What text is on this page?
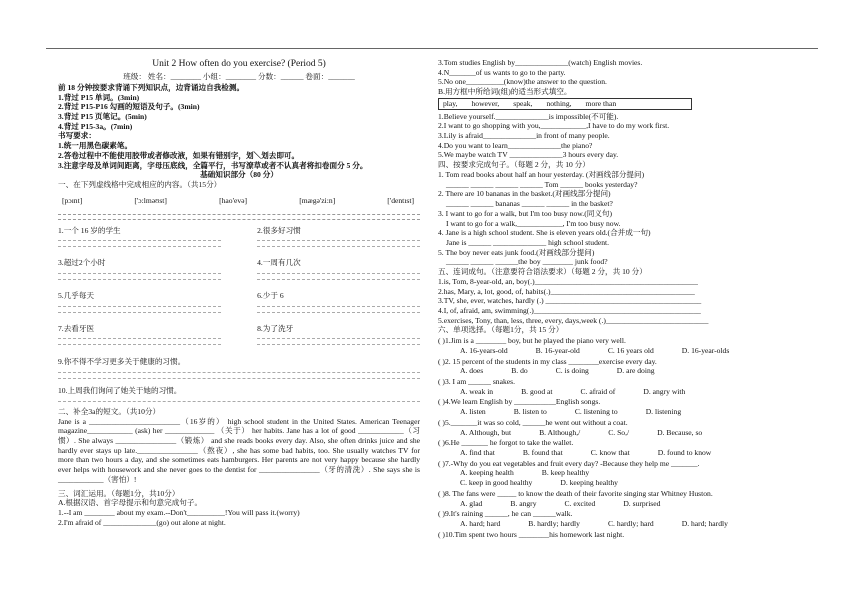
Unit 2 How often do you exercise? (Period 5)
班级： 姓名：________ 小组：________ 分数：______ 卷面：_______

前 18 分钟按要求背诵下列知识点，边背诵边自我检测。

1.背过 P15 单词。(3min)

2.背过 P15-P16 勾画的短语及句子。(3min)

3.背过 P15 页笔记。(5min)

4.背过 P15-3a。(7min)

书写要求：

1.统一用黑色碳素笔。

2.答卷过程中不能使用胶带或者修改液，如果有错别字，划＼划去即可。

3.注意字母及单词间距离，字母压底线，全篇平行，书写潦草或者不认真者将扣卷面分 5 分。

基础知识部分（80 分）

一、在下列虚线格中完成相应的内容。（共15分）

[pɔɪnt]	['ɔ:lməʊst]	[hao'evə]	[mægə'zi:n]	['dentɪst]
1.一个 16 岁的学生	2.很多好习惯
3.超过2个小时	4.一周有几次
5.几乎每天	6.少于 6
7.去看牙医	8.为了洗牙
9.你不得不学习更多关于健康的习惯。
10.上周我们询问了她关于她的习惯。

二、补全3a的短文。（共10分）

Jane is a ________________________（16岁的） high school student in the United States. American Teenager magazine____________ (ask) her _____________ （关于） her habits. Jane has a lot of good ____________（习惯）. She always ________________（锻炼） and she reads books every day. Also, she often drinks juice and she hardly ever stays up late.________________（熬夜）, she has some bad habits, too. She usually watches TV for more than two hours a day, and she sometimes eats hamburgers. Her parents are not very happy because she hardly ever helps with housework and she never goes to the dentist for ________________（牙的清洗）. She says she is ____________（害怕）!

三、词汇运用。（每题1分，共10分）

A.根据汉语、首字母提示和句意完成句子。

1.--I am ________ about my exam.--Don't__________!You will pass it.(worry)

2.I'm afraid of ______________(go) out alone at night.

3.Tom studies English by______________(watch) English movies.

4.N_______of us wants to go to the party.

5.No one__________(know)the answer to the question.

B.用方框中所给词(组)的适当形式填空。

play, however, speak, nothing, more than

1.Believe yourself.______________is impossible(不可能).

2.I want to go shopping with you,____________,I have to do my work first.

3.Lily is afraid______________in front of many people.

4.Do you want to learn______________the piano?

5.We maybe watch TV ______________3 hours every day.

四、按要求完成句子。（每题 2 分，共 10 分）

1. Tom read books about half an hour yesterday. (对画线部分提问)

______ ______ ______ ______ Tom ______ books yesterday?

2. There are 10 bananas in the basket.(对画线部分提问)

______ ______ bananas ______ ______ in the basket?

3. I want to go for a walk, but I'm too busy now.(同义句)

I want to go for a walk,____________, I'm too busy now.

4. Jane is a high school student. She is eleven years old.(合并成一句)

Jane is ______ ______________ high school student.

5. The boy never eats junk food.(对画线部分提问)

______ ______ ______the boy ________ junk food?

五、连词成句。（注意要符合语法要求）（每题 2 分，共 10 分）

1.is, Tom, 8-year-old, an, boy(.)___________________________________________

2.has, Mary, a, lot, good, of, habits(.)______________________________________

3.TV, she, ever, watches, hardly (.) _________________________________________

4.I, of, afraid, am, swimming(.)____________________________________________

5.exercises, Tony, than, less, three, every, days,week (.)___________________________

六、单项选择。（每题1分，共 15 分）

( )1.Jim is a ________ boy, but he played the piano very well.

A. 16-years-old	B. 16-year-old	C. 16 years old	D. 16-year-olds

( )2. 15 percent of the students in my class ________exercise every day.

A. does	B. do	C. is doing	D. are doing

( )3. I am ______ snakes.

A. weak in	B. good at	C. afraid of	D. angry with

( )4.We learn English by ___________English songs.

A. listen	B. listen to	C. listening to	D. listening

( )5._______it was so cold, ______he went out without a coat.

A. Although, but	B. Although,/	C. So,/	D. Because, so

( )6.He _______ he forgot to take the wallet.

A. find that	B. found that	C. know that	D. found to know

( )7.-Why do you eat vegetables and fruit every day? -Because they help me _______.

A. keeping health	B. keep healthy
C. keep in good healthy	D. keeping healthy

( )8. The fans were _____ to know the death of their favorite singing star Whitney Huston.

A. glad	B. angry	C. excited	D. surprised

( )9.It's raining ______, he can ______walk.

A. hard; hard	B. hardly; hardly	C. hardly; hard	D. hard; hardly

( )10.Tim spent two hours ________his homework last night.
